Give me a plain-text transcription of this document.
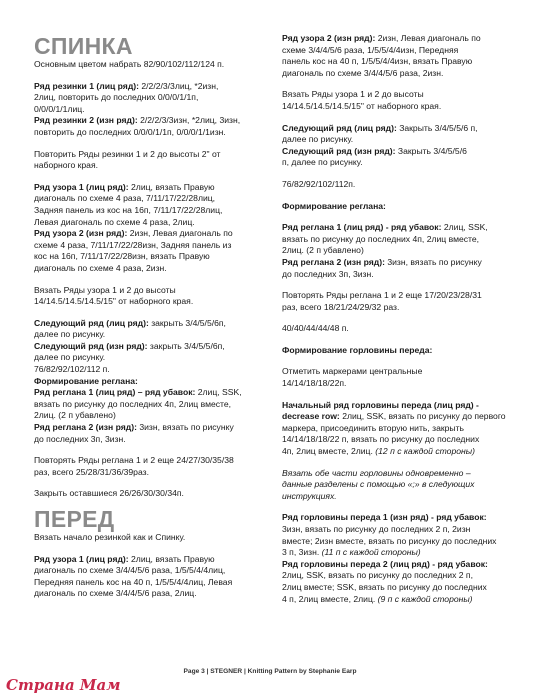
СПИНКА

Основным цветом набрать 82/90/102/112/124 п.

Ряд резинки 1 (лиц ряд): 2/2/2/3/3лиц, *2изн,

2лиц, повторить до последних 0/0/0/1/1п,

0/0/0/1/1лиц.

Ряд резинки 2 (изн ряд): 2/2/2/3/3изн, *2лиц, 3изн,

повторить до последних 0/0/0/1/1п, 0/0/0/1/1изн.

Повторить Ряды резинки 1 и 2 до высоты 2" от

наборного края.

Ряд узора 1 (лиц ряд): 2лиц, вязать Правую

диагональ по схеме 4 раза, 7/11/17/22/28лиц,

Задняя панель из кос на 16п, 7/11/17/22/28лиц,

Левая диагональ по схеме 4 раза, 2лиц.

Ряд узора 2 (изн ряд): 2изн, Левая диагональ по

схеме 4 раза, 7/11/17/22/28изн, Задняя панель из

кос на 16п, 7/11/17/22/28изн, вязать Правую

диагональ по схеме 4 раза, 2изн.

Вязать Ряды узора 1 и 2 до высоты

14/14.5/14.5/14.5/15" от наборного края.

Следующий ряд (лиц ряд): закрыть 3/4/5/5/6п,

далее по рисунку.

Следующий ряд (изн ряд): закрыть 3/4/5/5/6п,

далее по рисунку.

76/82/92/102/112 п.

Формирование реглана:

Ряд реглана 1 (лиц ряд) – ряд убавок: 2лиц, SSK,

вязать по рисунку до последних 4п, 2лиц вместе,

2лиц. (2 п убавлено)

Ряд реглана 2 (изн ряд): 3изн, вязать по рисунку

до последних 3п, 3изн.

Повторять Ряды реглана 1 и 2 еще 24/27/30/35/38

раз, всего 25/28/31/36/39раз.

Закрыть оставшиеся 26/26/30/30/34п.

ПЕРЕД

Вязать начало резинкой как и Спинку.

Ряд узора 1 (лиц ряд): 2лиц, вязать Правую

диагональ по схеме 3/4/4/5/6 раза, 1/5/5/4/4лиц,

Передняя панель кос на 40 п, 1/5/5/4/4лиц, Левая

диагональ по схеме 3/4/4/5/6 раза, 2лиц.

Ряд узора 2 (изн ряд): 2изн, Левая диагональ по

схеме 3/4/4/5/6 раза, 1/5/5/4/4изн, Передняя

панель кос на 40 п, 1/5/5/4/4изн, вязать Правую

диагональ по схеме 3/4/4/5/6 раза, 2изн.

Вязать Ряды узора 1 и 2 до высоты

14/14.5/14.5/14.5/15" от наборного края.

Следующий ряд (лиц ряд): Закрыть 3/4/5/5/6 п,

далее по рисунку.

Следующий ряд (изн ряд): Закрыть 3/4/5/5/6

п, далее по рисунку.

76/82/92/102/112п.

Формирование реглана:

Ряд реглана 1 (лиц ряд) - ряд убавок: 2лиц, SSK,

вязать по рисунку до последних 4п, 2лиц вместе,

2лиц. (2 п убавлено)

Ряд реглана 2 (изн ряд): 3изн, вязать по рисунку

до последних 3п, 3изн.

Повторять Ряды реглана 1 и 2 еще 17/20/23/28/31

раз, всего 18/21/24/29/32 раз.

40/40/44/44/48 п.

Формирование горловины переда:

Отметить маркерами центральные

14/14/18/18/22п.

Начальный ряд горловины переда (лиц ряд) -

decrease row: 2лиц, SSK, вязать по рисунку до первого

маркера, присоединить вторую нить, закрыть

14/14/18/18/22 п, вязать по рисунку до последних

4п, 2лиц вместе, 2лиц. (12 п с каждой стороны)

Вязать обе части горловины одновременно –

данные разделены с помощью «;» в следующих

инструкциях.

Ряд горловины переда 1 (изн ряд) - ряд убавок:

3изн, вязать по рисунку до последних 2 п, 2изн

вместе; 2изн вместе, вязать по рисунку до последних

3 п, 3изн. (11 п с каждой стороны)

Ряд горловины переда 2 (лиц ряд) - ряд убавок:

2лиц, SSK, вязать по рисунку до последних 2 п,

2лиц вместе; SSK, вязать по рисунку до последних

4 п, 2лиц вместе, 2лиц. (9 п с каждой стороны)

Page 3 | STEGNER | Knitting Pattern by Stephanie Earp
Страна Мам
